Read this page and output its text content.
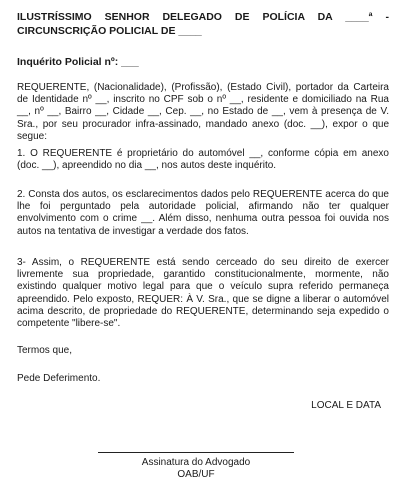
ILUSTRÍSSIMO SENHOR DELEGADO DE POLÍCIA DA ____ª - CIRCUNSCRIÇÃO POLICIAL DE ____
Inquérito Policial nº: ___

REQUERENTE, (Nacionalidade), (Profissão), (Estado Civil), portador da Carteira de Identidade nº __, inscrito no CPF sob o nº __, residente e domiciliado na Rua __, nº __, Bairro __, Cidade __, Cep. __, no Estado de __, vem à presença de V. Sra., por seu procurador infra-assinado, mandado anexo (doc. __), expor o que segue:

1. O REQUERENTE é proprietário do automóvel __, conforme cópia em anexo (doc. __), apreendido no dia __, nos autos deste inquérito.

2. Consta dos autos, os esclarecimentos dados pelo REQUERENTE acerca do que lhe foi perguntado pela autoridade policial, afirmando não ter qualquer envolvimento com o crime __. Além disso, nenhuma outra pessoa foi ouvida nos autos na tentativa de investigar a verdade dos fatos.

3- Assim, o REQUERENTE está sendo cerceado do seu direito de exercer livremente sua propriedade, garantido constitucionalmente, mormente, não existindo qualquer motivo legal para que o veículo supra referido permaneça apreendido. Pelo exposto, REQUER: À V. Sra., que se digne a liberar o automóvel acima descrito, de propriedade do REQUERENTE, determinando seja expedido o competente "libere-se".

Termos que,
Pede Deferimento.
LOCAL E DATA
Assinatura do Advogado
OAB/UF
